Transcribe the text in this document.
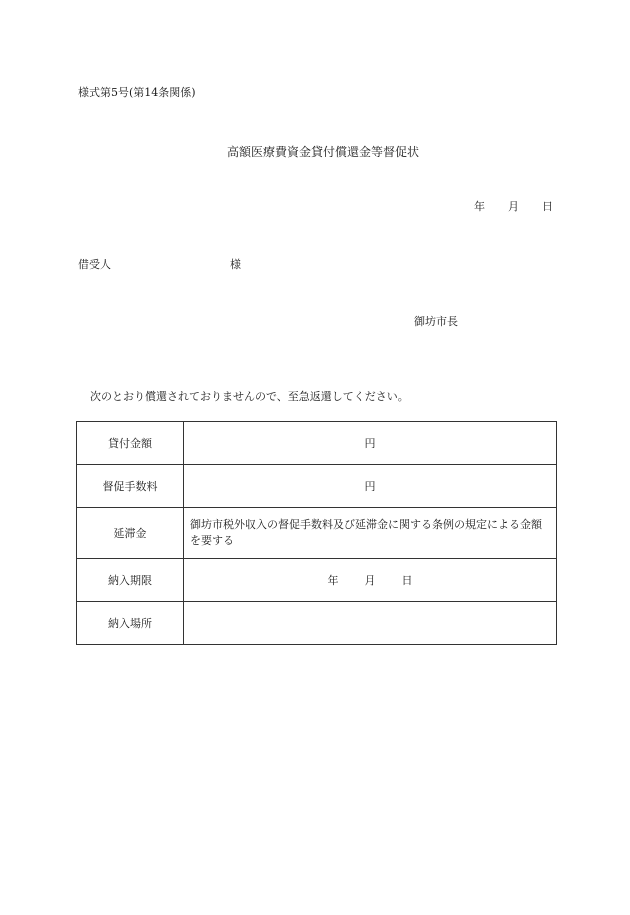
様式第5号(第14条関係)
高額医療費資金貸付償還金等督促状
年 月 日
借受人	様
御坊市長
次のとおり償還されておりませんので、至急返還してください。
貸付金額	円
督促手数料	円
延滞金	御坊市税外収入の督促手数料及び延滞金に関する条例の規定による金額を要する
納入期限	年 月 日
納入場所	
